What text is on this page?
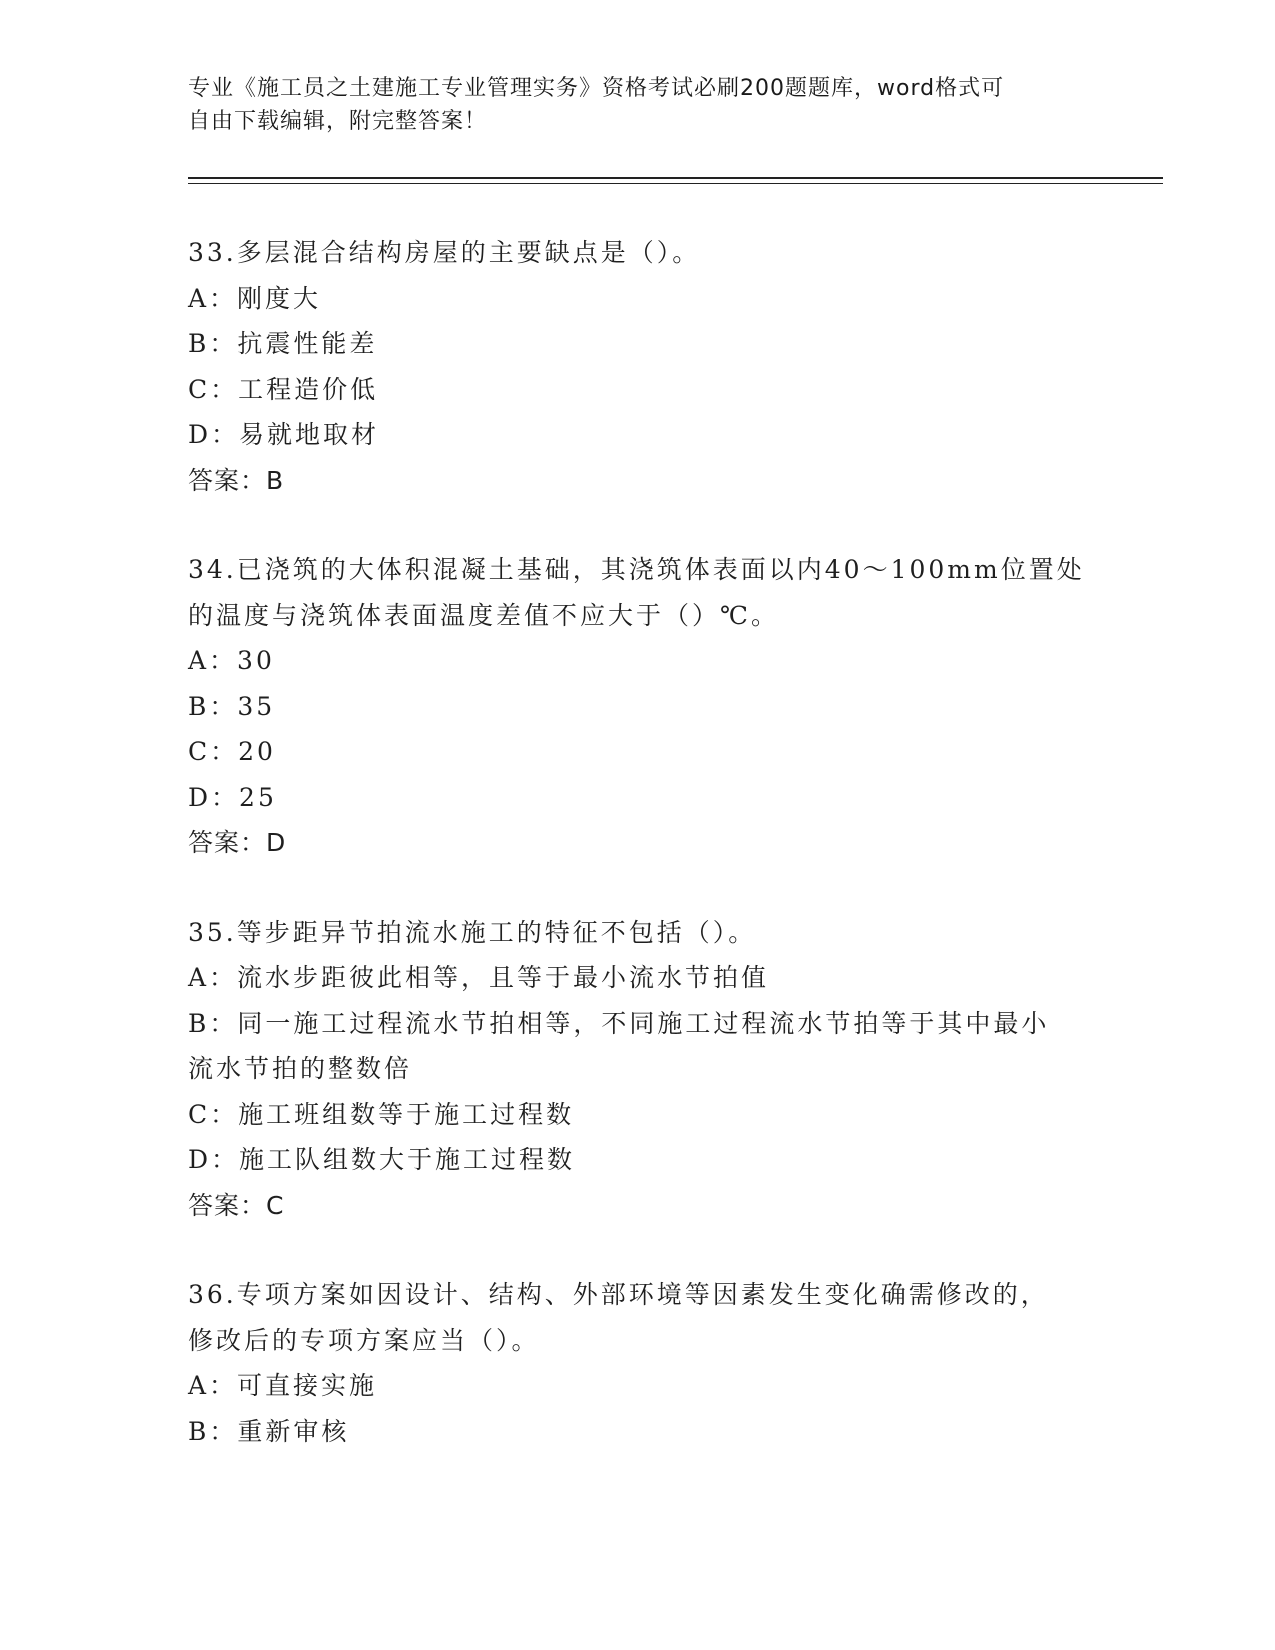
专业《施工员之土建施工专业管理实务》资格考试必刷200题题库，word格式可
自由下载编辑，附完整答案！
33.多层混合结构房屋的主要缺点是（）。
A：刚度大
B：抗震性能差
C：工程造价低
D：易就地取材
答案：B
34.已浇筑的大体积混凝土基础，其浇筑体表面以内40～100mm位置处
的温度与浇筑体表面温度差值不应大于（）℃。
A：30
B：35
C：20
D：25
答案：D
35.等步距异节拍流水施工的特征不包括（）。
A：流水步距彼此相等，且等于最小流水节拍值
B：同一施工过程流水节拍相等，不同施工过程流水节拍等于其中最小
流水节拍的整数倍
C：施工班组数等于施工过程数
D：施工队组数大于施工过程数
答案：C
36.专项方案如因设计、结构、外部环境等因素发生变化确需修改的，
修改后的专项方案应当（）。
A：可直接实施
B：重新审核
